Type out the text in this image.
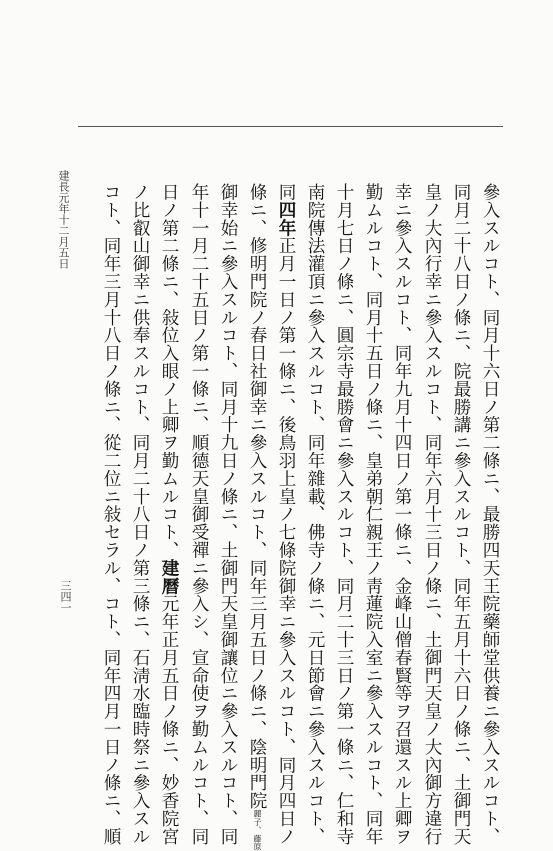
建長元年十二月五日
三四一	參入スルコト、同月十六日ノ第二條ニ、最勝四天王院藥師堂供養ニ參入スルコト、
同月二十八日ノ條ニ、院最勝講ニ參入スルコト、同年五月十六日ノ條ニ、土御門天
皇ノ大內行幸ニ參入スルコト、同年六月十三日ノ條ニ、土御門天皇ノ大內御方違行
幸ニ參入スルコト、同年九月十四日ノ第一條ニ、金峰山僧春賢等ヲ召還スル上卿ヲ
勤ムルコト、同月十五日ノ條ニ、皇弟朝仁親王ノ靑蓮院入室ニ參入スルコト、同年
十月七日ノ條ニ、圓宗寺最勝會ニ參入スルコト、同月二十三日ノ第一條ニ、仁和寺
南院傳法灌頂ニ參入スルコト、同年雜載、佛寺ノ條ニ、元日節會ニ參入スルコト、
同四年正月一日ノ第一條ニ、後鳥羽上皇ノ七條院御幸ニ參入スルコト、同月四日ノ
條ニ、修明門院ノ春日社御幸ニ參入スルコト、同年三月五日ノ條ニ、陰明門院麗子、藤原
御幸始ニ參入スルコト、同月十九日ノ條ニ、土御門天皇御讓位ニ參入スルコト、同
年十一月二十五日ノ第一條ニ、順德天皇御受禪ニ參入シ、宣命使ヲ勤ムルコト、同
日ノ第二條ニ、敍位入眼ノ上卿ヲ勤ムルコト、建曆元年正月五日ノ條ニ、妙香院宮
ノ比叡山御幸ニ供奉スルコト、同月二十八日ノ第三條ニ、石淸水臨時祭ニ參入スル
コト、同年三月十八日ノ條ニ、從二位ニ敍セラル、コト、同年四月一日ノ條ニ、順
